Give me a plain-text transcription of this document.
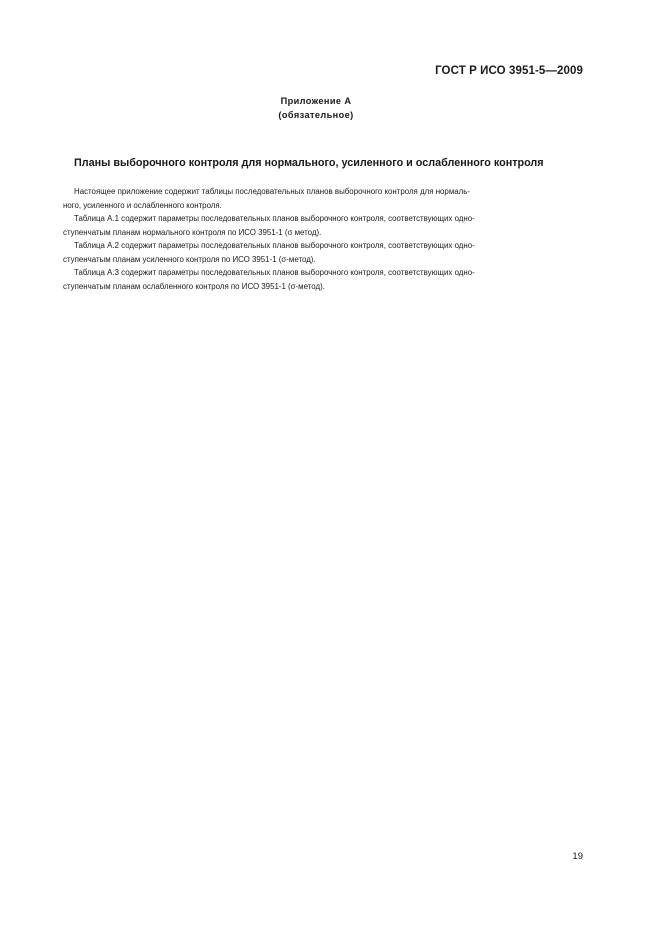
ГОСТ Р ИСО 3951-5—2009
Приложение А
(обязательное)
Планы выборочного контроля для нормального, усиленного и ослабленного контроля
Настоящее приложение содержит таблицы последовательных планов выборочного контроля для нормаль-
ного, усиленного и ослабленного контроля.
Таблица А.1 содержит параметры последовательных планов выборочного контроля, соответствующих одно-
ступенчатым планам нормального контроля по ИСО 3951-1 (σ метод).
Таблица А.2 содержит параметры последовательных планов выборочного контроля, соответствующих одно-
ступенчатым планам усиленного контроля по ИСО 3951-1 (σ-метод).
Таблица А.3 содержит параметры последовательных планов выборочного контроля, соответствующих одно-
ступенчатым планам ослабленного контроля по ИСО 3951-1 (σ-метод).
19
